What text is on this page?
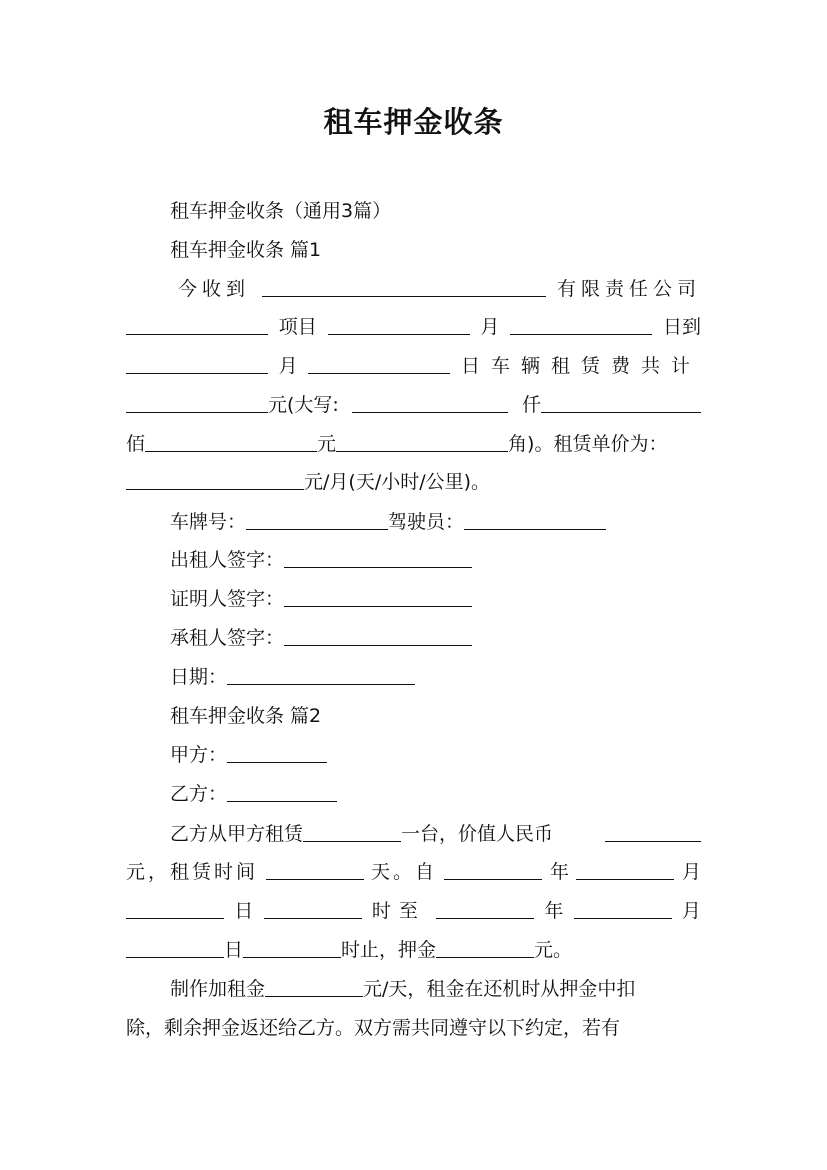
租车押金收条
租车押金收条（通用3篇）
租车押金收条 篇1
今收到	有限责任公司
项目	月	日到
月	日车辆租赁费共计
元(大写:	仟
佰	元	角)。租赁单价为：
元/月(天/小时/公里)。
车牌号：	驾驶员：
出租人签字：
证明人签字：
承租人签字：
日期：
租车押金收条 篇2
甲方：
乙方：
乙方从甲方租赁	一台，价值人民币
元，租赁时间	天。自	年	月
日	时至	年	月
日	时止，押金	元。
制作加租金	元/天，租金在还机时从押金中扣
除，剩余押金返还给乙方。双方需共同遵守以下约定，若有
